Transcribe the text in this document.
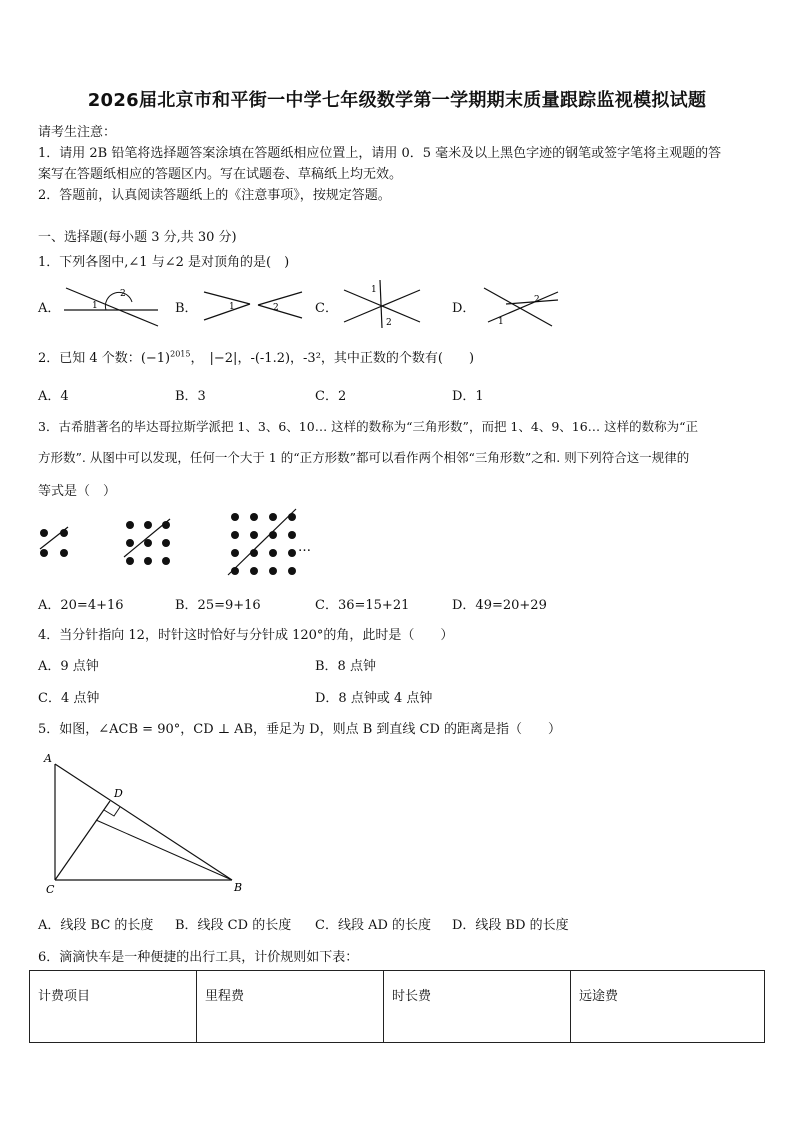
2026届北京市和平街一中学七年级数学第一学期期末质量跟踪监视模拟试题
请考生注意：
1．请用 2B 铅笔将选择题答案涂填在答题纸相应位置上，请用 0．5 毫米及以上黑色字迹的钢笔或签字笔将主观题的答
案写在答题纸相应的答题区内。写在试题卷、草稿纸上均无效。
2．答题前，认真阅读答题纸上的《注意事项》，按规定答题。
一、选择题(每小题 3 分,共 30 分)
1．下列各图中,∠1 与∠2 是对顶角的是(　)
A．	B．	C．	D．
1
2
1	2
1
2	1
2
2．已知 4 个数：$(-1)^{2015}$， |−2|，-(-1.2)，-3²，其中正数的个数有(　　)
A．4	B．3	C．2	D．1
3．古希腊著名的毕达哥拉斯学派把 1、3、6、10… 这样的数称为“三角形数”，而把 1、4、9、16… 这样的数称为“正
方形数”. 从图中可以发现，任何一个大于 1 的“正方形数”都可以看作两个相邻“三角形数”之和. 则下列符合这一规律的
等式是（　）
…
A．20=4+16	B．25=9+16	C．36=15+21	D．49=20+29
4．当分针指向 12，时针这时恰好与分针成 120°的角，此时是（　　）
A．9 点钟	B．8 点钟
C．4 点钟	D．8 点钟或 4 点钟
5．如图，∠ACB = 90°，CD ⊥ AB，垂足为 D，则点 B 到直线 CD 的距离是指（　　）
A
D
C	B
A．线段 BC 的长度 B．线段 CD 的长度 C．线段 AD 的长度 D．线段 BD 的长度
6．滴滴快车是一种便捷的出行工具，计价规则如下表：
计费项目	里程费	时长费	远途费
